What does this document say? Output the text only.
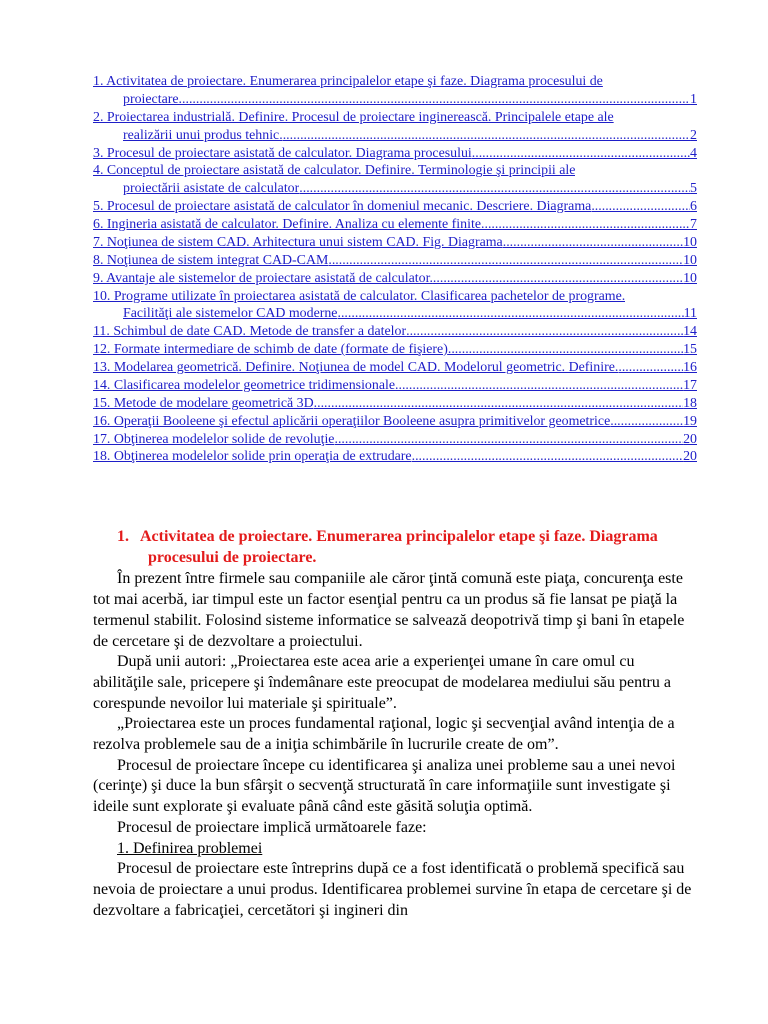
1. Activitatea de proiectare. Enumerarea principalelor etape şi faze. Diagrama procesului de
proiectare. .....	1
2. Proiectarea industrială. Definire. Procesul de proiectare inginerească. Principalele etape ale
realizării unui produs tehnic. .....	2
3. Procesul de proiectare asistată de calculator. Diagrama procesului .....	4
4. Conceptul de proiectare asistată de calculator. Definire. Terminologie şi principii ale
proiectării asistate de calculator .....	5
5. Procesul de proiectare asistată de calculator în domeniul mecanic. Descriere. Diagrama .....	6
6. Ingineria asistată de calculator. Definire. Analiza cu elemente finite .....	7
7. Noţiunea de sistem CAD. Arhitectura unui sistem CAD. Fig. Diagrama .....	10
8. Noţiunea de sistem integrat CAD-CAM .....	10
9. Avantaje ale sistemelor de proiectare asistată de calculator. .....	10
10. Programe utilizate în proiectarea asistată de calculator. Clasificarea pachetelor de programe.
Facilităţi ale sistemelor CAD moderne .....	11
11. Schimbul de date CAD. Metode de transfer a datelor .....	14
12. Formate intermediare de schimb de date (formate de fişiere) .....	15
13. Modelarea geometrică. Definire. Noţiunea de model CAD. Modelorul geometric. Definire. .....	16
14. Clasificarea modelelor geometrice tridimensionale .....	17
15. Metode de modelare geometrică 3D .....	18
16. Operaţii Booleene şi efectul aplicării operaţiilor Booleene asupra primitivelor geometrice .....	19
17. Obţinerea modelelor solide de revoluţie .....	20
18. Obţinerea modelelor solide prin operaţia de extrudare .....	20
1. Activitatea de proiectare. Enumerarea principalelor etape şi faze. Diagrama procesului de proiectare.

În prezent între firmele sau companiile ale căror ţintă comună este piaţa, concurenţa este tot mai acerbă, iar timpul este un factor esenţial pentru ca un produs să fie lansat pe piaţă la termenul stabilit. Folosind sisteme informatice se salvează deopotrivă timp şi bani în etapele de cercetare şi de dezvoltare a proiectului.

După unii autori: „Proiectarea este acea arie a experienţei umane în care omul cu abilităţile sale, pricepere şi îndemânare este preocupat de modelarea mediului său pentru a corespunde nevoilor lui materiale şi spirituale”.

„Proiectarea este un proces fundamental raţional, logic şi secvenţial având intenţia de a rezolva problemele sau de a iniţia schimbările în lucrurile create de om”.

Procesul de proiectare începe cu identificarea şi analiza unei probleme sau a unei nevoi (cerinţe) şi duce la bun sfârşit o secvenţă structurată în care informaţiile sunt investigate şi ideile sunt explorate şi evaluate până când este găsită soluţia optimă.

Procesul de proiectare implică următoarele faze:

1. Definirea problemei

Procesul de proiectare este întreprins după ce a fost identificată o problemă specifică sau nevoia de proiectare a unui produs. Identificarea problemei survine în etapa de cercetare şi de dezvoltare a fabricaţiei, cercetători şi ingineri din
